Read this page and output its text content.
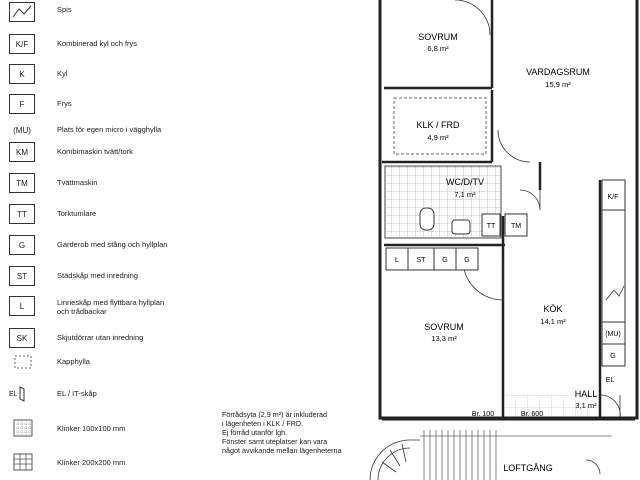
Spis
K/F	Kombinerad kyl och frys
K	Kyl
F	Frys
(MU)	Plats för egen micro i vägghylla
KM	Kombimaskin tvätt/tork
TM	Tvättmaskin
TT	Torktumlare
G	Garderob med stång och hyllplan
ST	Städskåp med inredning
L	Linneskåp med flyttbara hyllplan och trådbackar
SK	Skjutdörrar utan inredning
Kapphylla
EL	EL / IT-skåp
Klinker 100x100 mm
Klinker 200x200 mm
Förrådsyta (2,9 m²) är inkluderad
i lägenheten i KLK / FRD.
Ej förråd utanför lgh.
Fönster samt uteplatser kan vara
något avvikande mellan lägenheterna
TT TM
L	ST G G
K/F
(MU)
G
EL
SOVRUM
6,8 m²
VARDAGSRUM
15,9 m²
KLK / FRD
4,9 m²
WC/D/TV
7,1 m²
SOVRUM
13,3 m²
KÖK
14,1 m²
HALL
3,1 m²
LOFTGÅNG
Br. 100	Br. 600
